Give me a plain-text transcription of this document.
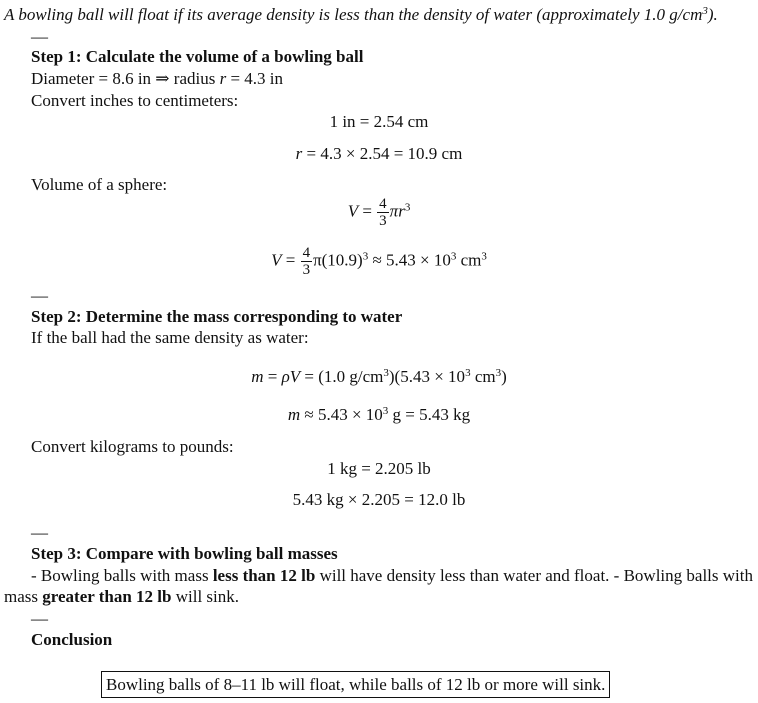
A bowling ball will float if its average density is less than the density of water (approximately 1.0 $g/cm^3$).
—
Step 1: Calculate the volume of a bowling ball
Diameter = 8.6 in ⇒ radius r = 4.3 in
Convert inches to centimeters:
1 in = 2.54 cm
r = 4.3 × 2.54 = 10.9 cm
Volume of a sphere:
$V = \frac{4}{3} \pi r^3$
$V = \frac{4}{3} \pi(10.9)^3 \approx 5.43 \times 10^3$ $cm^3$
—
Step 2: Determine the mass corresponding to water
If the ball had the same density as water:
m = ρV = (1.0 $g/cm^3)(5.43 \times 10^3$ $cm^3$)
$m \approx 5.43 \times 10^3$ g = 5.43 kg
Convert kilograms to pounds:
1 kg = 2.205 lb
5.43 kg × 2.205 = 12.0 lb
—
Step 3: Compare with bowling ball masses
- Bowling balls with mass less than 12 lb will have density less than water and float. - Bowling balls with mass greater than 12 lb will sink.
—
Conclusion
Bowling balls of 8–11 lb will float, while balls of 12 lb or more will sink.
